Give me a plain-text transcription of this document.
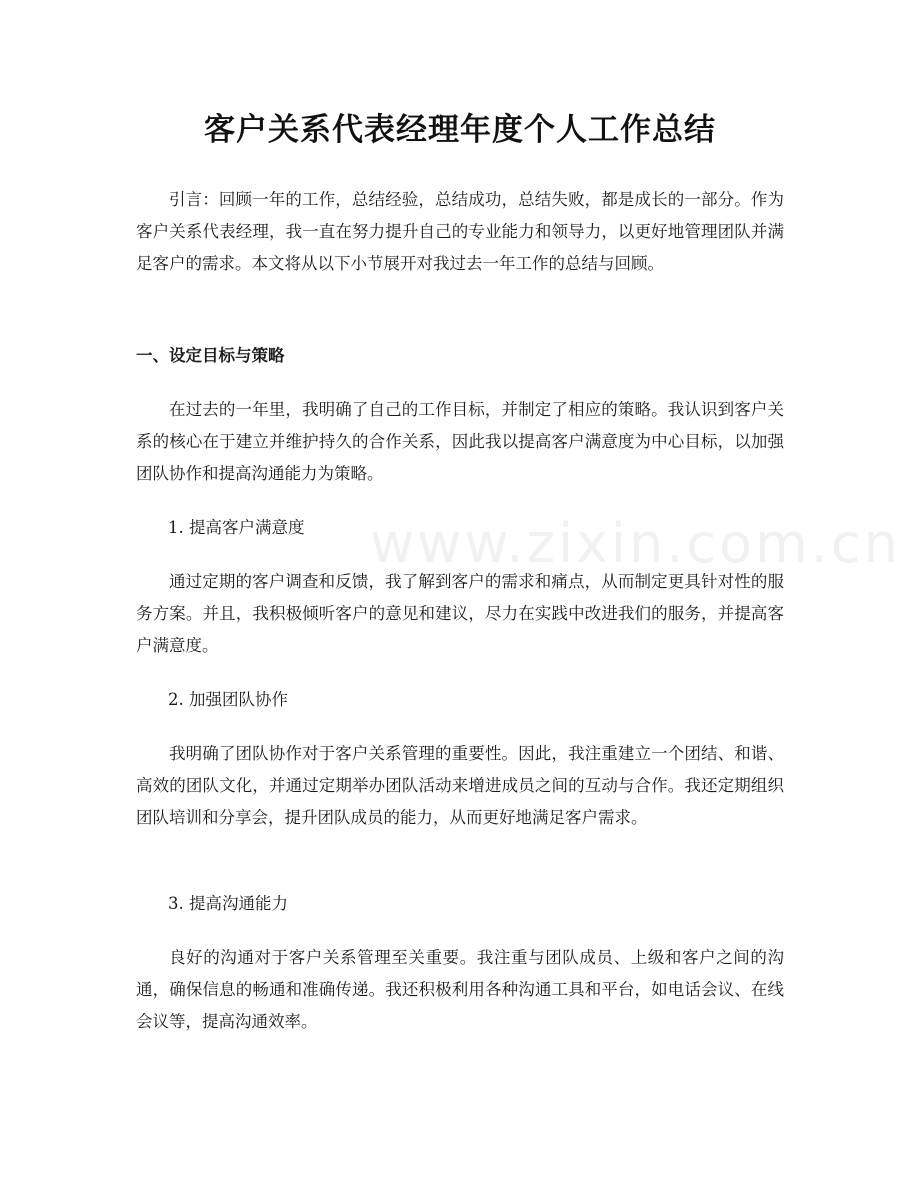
www.zixin.com.cn
客户关系代表经理年度个人工作总结

引言：回顾一年的工作，总结经验，总结成功，总结失败，都是成长的一部分。作为客户关系代表经理，我一直在努力提升自己的专业能力和领导力，以更好地管理团队并满足客户的需求。本文将从以下小节展开对我过去一年工作的总结与回顾。

一、设定目标与策略

在过去的一年里，我明确了自己的工作目标，并制定了相应的策略。我认识到客户关系的核心在于建立并维护持久的合作关系，因此我以提高客户满意度为中心目标，以加强团队协作和提高沟通能力为策略。

1. 提高客户满意度

通过定期的客户调查和反馈，我了解到客户的需求和痛点，从而制定更具针对性的服务方案。并且，我积极倾听客户的意见和建议，尽力在实践中改进我们的服务，并提高客户满意度。

2. 加强团队协作

我明确了团队协作对于客户关系管理的重要性。因此，我注重建立一个团结、和谐、高效的团队文化，并通过定期举办团队活动来增进成员之间的互动与合作。我还定期组织团队培训和分享会，提升团队成员的能力，从而更好地满足客户需求。

3. 提高沟通能力

良好的沟通对于客户关系管理至关重要。我注重与团队成员、上级和客户之间的沟通，确保信息的畅通和准确传递。我还积极利用各种沟通工具和平台，如电话会议、在线会议等，提高沟通效率。
